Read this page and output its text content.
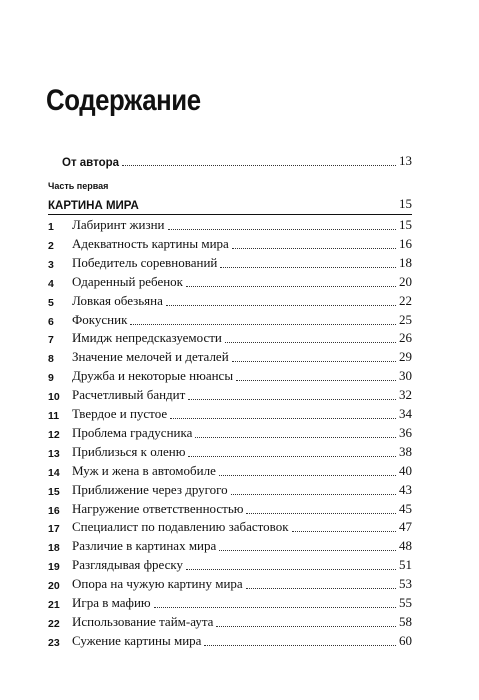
Содержание
От автора	13
Часть первая
КАРТИНА МИРА	15
1	Лабиринт жизни	15
2	Адекватность картины мира	16
3	Победитель соревнований	18
4	Одаренный ребенок	20
5	Ловкая обезьяна	22
6	Фокусник	25
7	Имидж непредсказуемости	26
8	Значение мелочей и деталей	29
9	Дружба и некоторые нюансы	30
10 Расчетливый бандит	32
11 Твердое и пустое	34
12 Проблема градусника	36
13 Приблизься к оленю	38
14 Муж и жена в автомобиле	40
15 Приближение через другого	43
16 Нагружение ответственностью	45
17 Специалист по подавлению забастовок	47
18 Различие в картинах мира	48
19 Разглядывая фреску	51
20 Опора на чужую картину мира	53
21 Игра в мафию	55
22 Использование тайм-аута	58
23 Сужение картины мира	60
